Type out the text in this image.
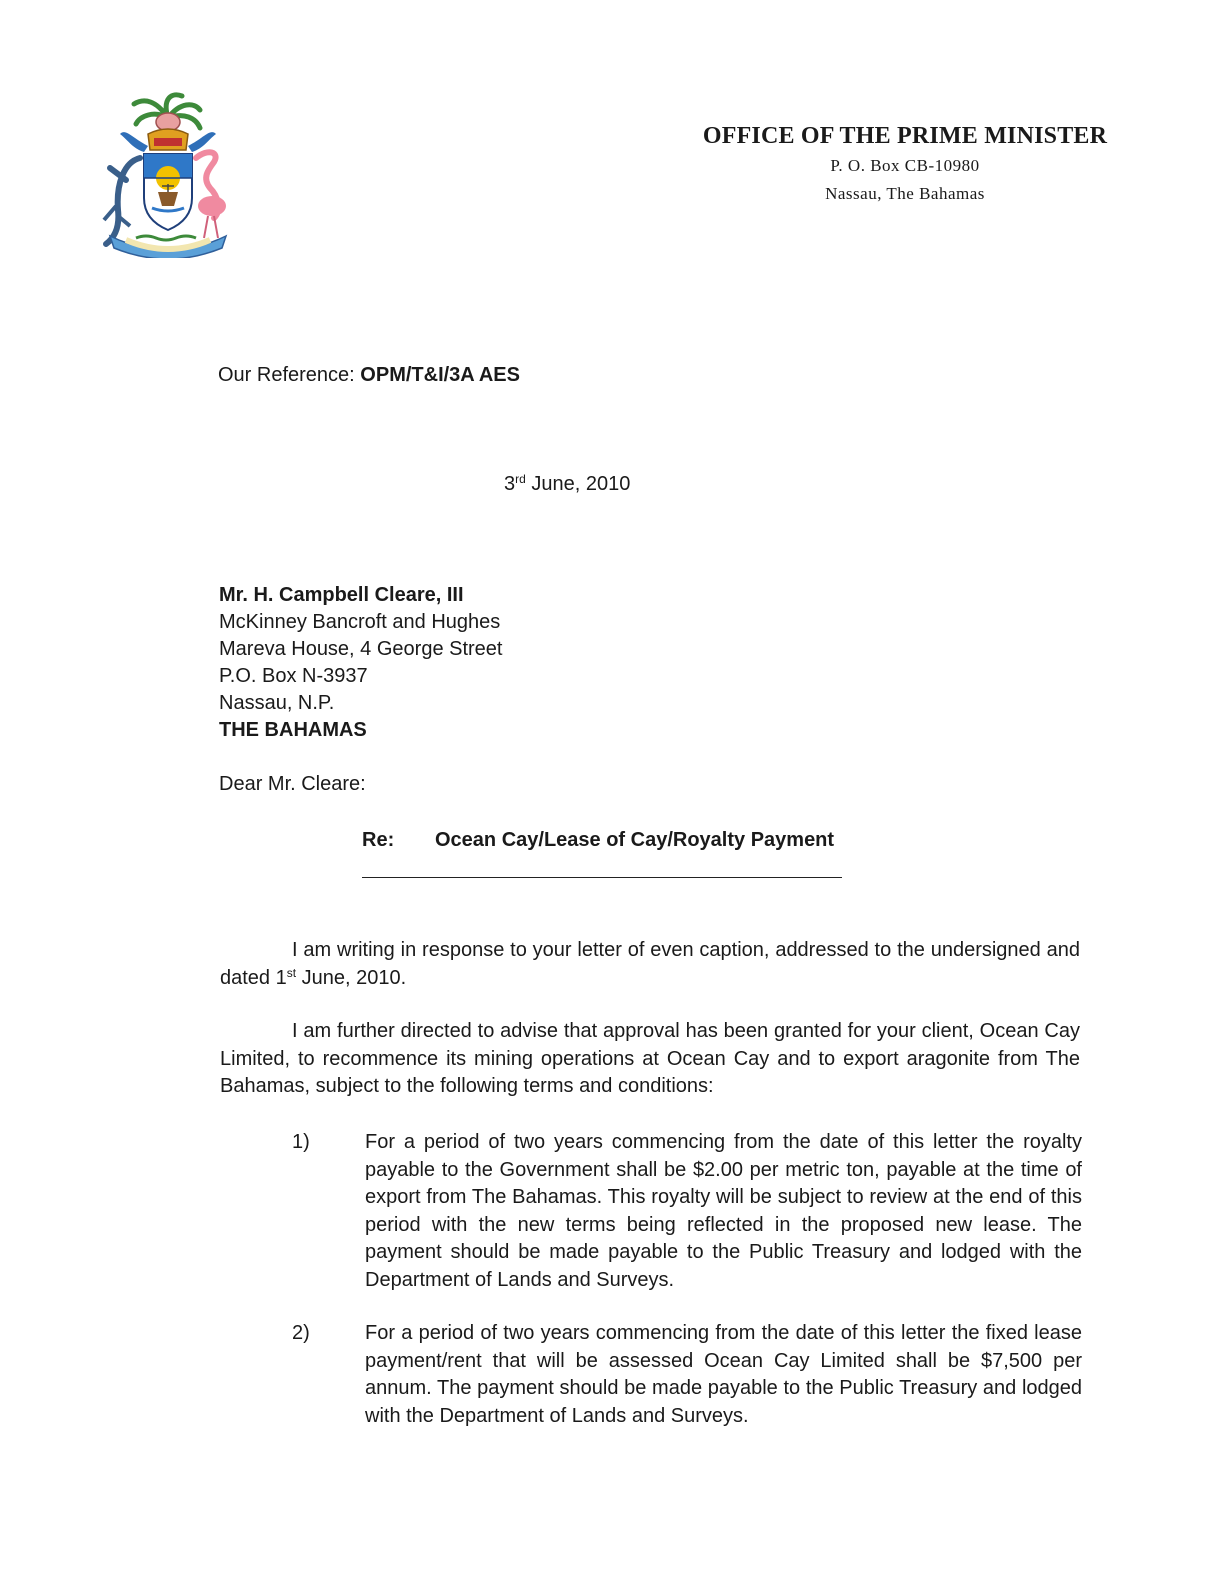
OFFICE OF THE PRIME MINISTER

P. O. Box CB-10980

Nassau, The Bahamas

Our Reference: OPM/T&I/3A AES
3rd June, 2010
Mr. H. Campbell Cleare, III
McKinney Bancroft and Hughes
Mareva House, 4 George Street
P.O. Box N-3937
Nassau, N.P.
THE BAHAMAS
Dear Mr. Cleare:
Re: Ocean Cay/Lease of Cay/Royalty Payment
I am writing in response to your letter of even caption, addressed to the undersigned and dated 1st June, 2010.
I am further directed to advise that approval has been granted for your client, Ocean Cay Limited, to recommence its mining operations at Ocean Cay and to export aragonite from The Bahamas, subject to the following terms and conditions:
1)	For a period of two years commencing from the date of this letter the royalty payable to the Government shall be $2.00 per metric ton, payable at the time of export from The Bahamas. This royalty will be subject to review at the end of this period with the new terms being reflected in the proposed new lease. The payment should be made payable to the Public Treasury and lodged with the Department of Lands and Surveys.
2)	For a period of two years commencing from the date of this letter the fixed lease payment/rent that will be assessed Ocean Cay Limited shall be $7,500 per annum. The payment should be made payable to the Public Treasury and lodged with the Department of Lands and Surveys.
